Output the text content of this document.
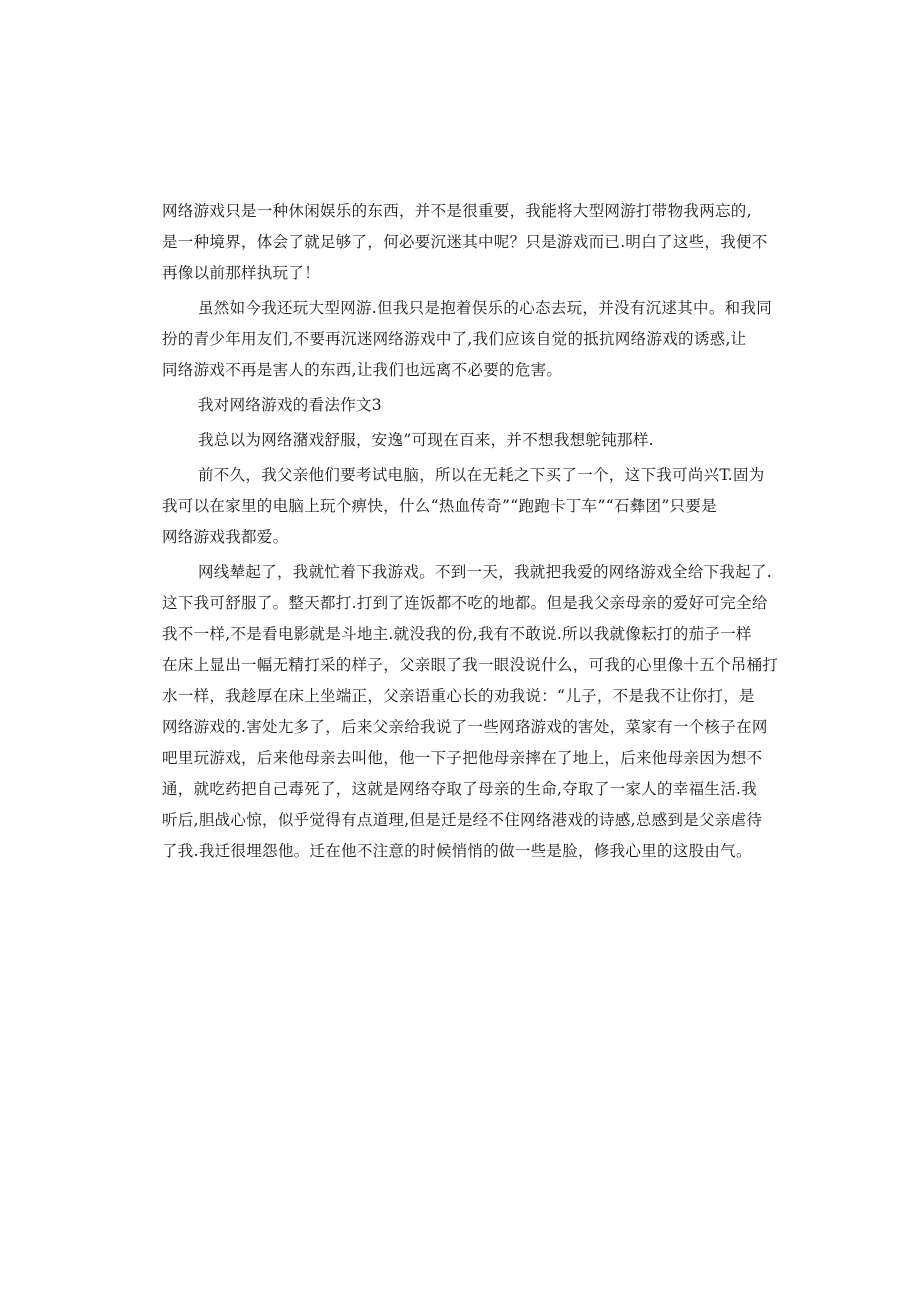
网络游戏只是一种休闲娱乐的东西，并不是很重要，我能将大型网游打带物我两忘的,
是一种境界，体会了就足够了，何必要沉迷其中呢？只是游戏而已.明白了这些，我便不
再像以前那样执玩了！
虽然如今我还玩大型网游.但我只是抱着俣乐的心态去玩，并没有沉逑其中。和我同
扮的青少年用友们,不要再沉迷网络游戏中了,我们应该自觉的抵抗网络游戏的诱惑,让
同络游戏不再是害人的东西,让我们也远离不必要的危害。
我对网络游戏的看法作文3
我总以为网络潴戏舒服，安逸”可现在百来，并不想我想鸵钝那样.
前不久，我父亲他们要考试电脑，所以在无耗之下买了一个，这下我可尚兴T.固为
我可以在家里的电脑上玩个痹快，什么“热血传奇”“跑跑卡丁车”“石彝团”只要是
网络游戏我都爱。
网线辇起了，我就忙着下我游戏。不到一天，我就把我爱的网络游戏全给下我起了.
这下我可舒服了。整天都打.打到了连饭都不吃的地都。但是我父亲母亲的爱好可完全给
我不一样,不是看电影就是斗地主.就没我的份,我有不敢说.所以我就像耘打的茄子一样
在床上显出一幅无精打采的样子，父亲眼了我一眼没说什么，可我的心里像十五个吊桶打
水一样，我趁厚在床上坐端正，父亲语重心长的劝我说：“儿子，不是我不让你打，是
网络游戏的.害处尢多了，后来父亲给我说了一些网珞游戏的害处，菜家有一个核子在网
吧里玩游戏，后来他母亲去叫他，他一下子把他母亲摔在了地上，后来他母亲因为想不
通，就吃药把自己毒死了，这就是网络夺取了母亲的生命,夺取了一家人的幸福生活.我
听后,胆战心惊，似乎觉得有点道理,但是迁是经不住网络港戏的诗感,总感到是父亲虐待
了我.我迁很埋怨他。迁在他不注意的时候悄悄的做一些是脸，修我心里的这股由气。
